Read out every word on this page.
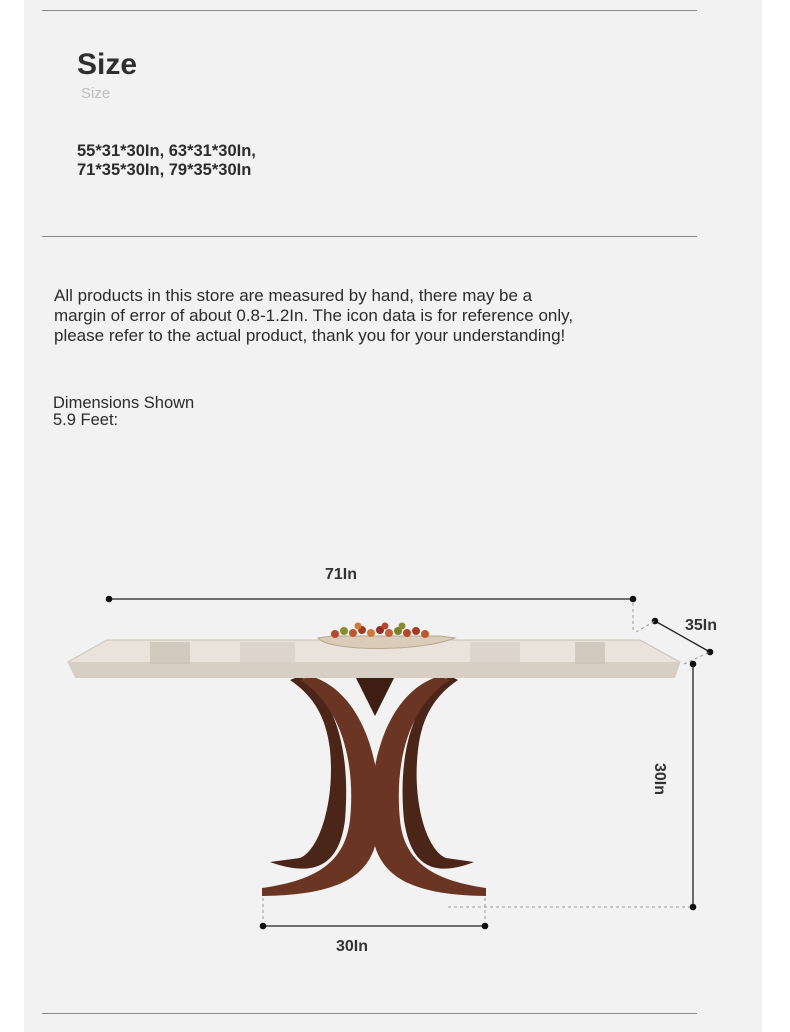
Size
Size
55*31*30In, 63*31*30In,
71*35*30In, 79*35*30In
All products in this store are measured by hand, there may be a
margin of error of about 0.8-1.2In. The icon data is for reference only,
please refer to the actual product, thank you for your understanding!
Dimensions Shown
5.9 Feet:
71In
35In
30In
30In
